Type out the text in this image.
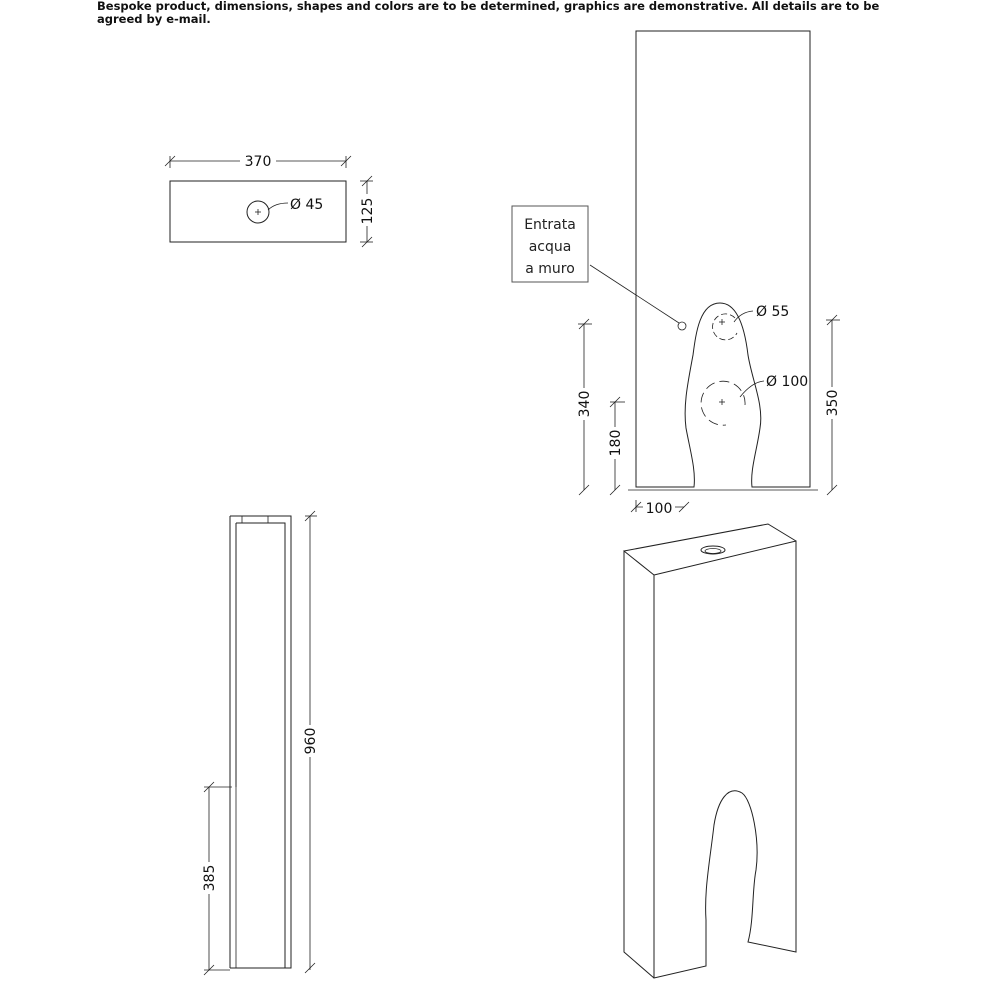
Bespoke product, dimensions, shapes and colors are to be determined, graphics are demonstrative. All details are to be agreed by e-mail.

370
125
Ø 45
Ø 55
Ø 100
Entrata
acqua
a muro
340
180
350
100
960
385
